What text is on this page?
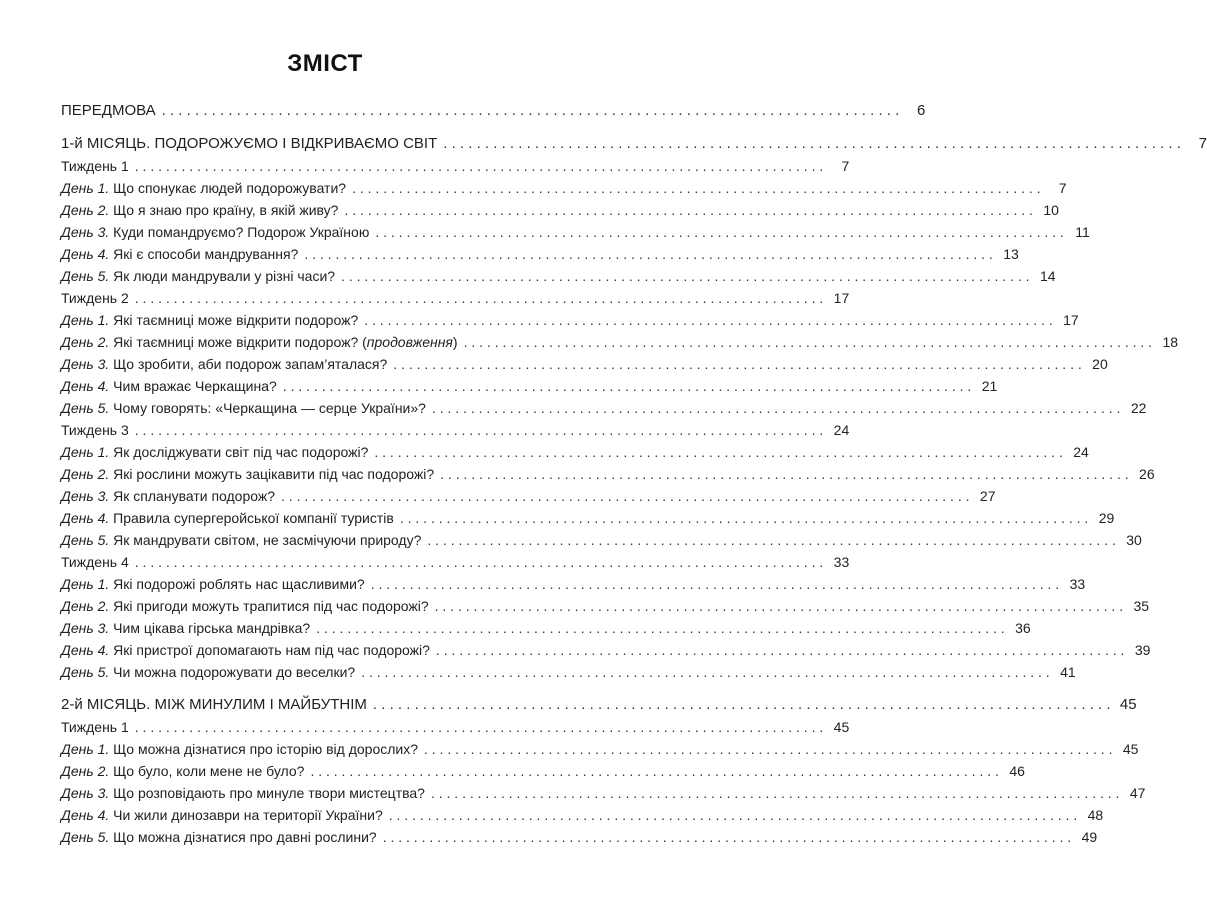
ЗМІСТ
ПЕРЕДМОВА . . .	6
1-й МІСЯЦЬ. ПОДОРОЖУЄМО І ВІДКРИВАЄМО СВІТ . . .	7
Тиждень 1 . . .	7
День 1. Що спонукає людей подорожувати? . . .	7
День 2. Що я знаю про країну, в якій живу? . . .	10
День 3. Куди помандруємо? Подорож Україною . . .	11
День 4. Які є способи мандрування? . . .	13
День 5. Як люди мандрували у різні часи? . . .	14
Тиждень 2 . . .	17
День 1. Які таємниці може відкрити подорож? . . .	17
День 2. Які таємниці може відкрити подорож? (продовження) . . .	18
День 3. Що зробити, аби подорож запам’яталася? . . .	20
День 4. Чим вражає Черкащина? . . .	21
День 5. Чому говорять: «Черкащина — серце України»? . . .	22
Тиждень 3 . . .	24
День 1. Як досліджувати світ під час подорожі? . . .	24
День 2. Які рослини можуть зацікавити під час подорожі? . . .	26
День 3. Як спланувати подорож? . . .	27
День 4. Правила супергеройської компанії туристів . . .	29
День 5. Як мандрувати світом, не засмічуючи природу? . . .	30
Тиждень 4 . . .	33
День 1. Які подорожі роблять нас щасливими? . . .	33
День 2. Які пригоди можуть трапитися під час подорожі? . . .	35
День 3. Чим цікава гірська мандрівка? . . .	36
День 4. Які пристрої допомагають нам під час подорожі? . . .	39
День 5. Чи можна подорожувати до веселки? . . .	41
2-й МІСЯЦЬ. МІЖ МИНУЛИМ І МАЙБУТНІМ . . .	45
Тиждень 1 . . .	45
День 1. Що можна дізнатися про історію від дорослих? . . .	45
День 2. Що було, коли мене не було? . . .	46
День 3. Що розповідають про минуле твори мистецтва? . . .	47
День 4. Чи жили динозаври на території України? . . .	48
День 5. Що можна дізнатися про давні рослини? . . .	49
